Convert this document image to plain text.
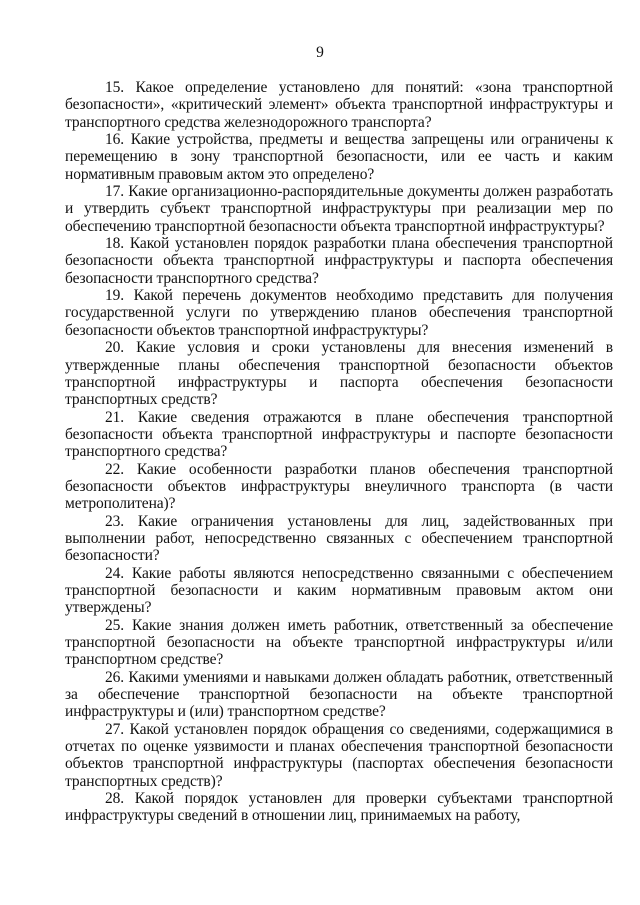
9

15. Какое определение установлено для понятий: «зона транспортной безопасности», «критический элемент» объекта транспортной инфраструктуры и транспортного средства железнодорожного транспорта?

16. Какие устройства, предметы и вещества запрещены или ограничены к перемещению в зону транспортной безопасности, или ее часть и каким нормативным правовым актом это определено?

17. Какие организационно-распорядительные документы должен разработать и утвердить субъект транспортной инфраструктуры при реализации мер по обеспечению транспортной безопасности объекта транспортной инфраструктуры?

18. Какой установлен порядок разработки плана обеспечения транспортной безопасности объекта транспортной инфраструктуры и паспорта обеспечения безопасности транспортного средства?

19. Какой перечень документов необходимо представить для получения государственной услуги по утверждению планов обеспечения транспортной безопасности объектов транспортной инфраструктуры?

20. Какие условия и сроки установлены для внесения изменений в утвержденные планы обеспечения транспортной безопасности объектов транспортной инфраструктуры и паспорта обеспечения безопасности транспортных средств?

21. Какие сведения отражаются в плане обеспечения транспортной безопасности объекта транспортной инфраструктуры и паспорте безопасности транспортного средства?

22. Какие особенности разработки планов обеспечения транспортной безопасности объектов инфраструктуры внеуличного транспорта (в части метрополитена)?

23. Какие ограничения установлены для лиц, задействованных при выполнении работ, непосредственно связанных с обеспечением транспортной безопасности?

24. Какие работы являются непосредственно связанными с обеспечением транспортной безопасности и каким нормативным правовым актом они утверждены?

25. Какие знания должен иметь работник, ответственный за обеспечение транспортной безопасности на объекте транспортной инфраструктуры и/или транспортном средстве?

26. Какими умениями и навыками должен обладать работник, ответственный за обеспечение транспортной безопасности на объекте транспортной инфраструктуры и (или) транспортном средстве?

27. Какой установлен порядок обращения со сведениями, содержащимися в отчетах по оценке уязвимости и планах обеспечения транспортной безопасности объектов транспортной инфраструктуры (паспортах обеспечения безопасности транспортных средств)?

28. Какой порядок установлен для проверки субъектами транспортной инфраструктуры сведений в отношении лиц, принимаемых на работу,
